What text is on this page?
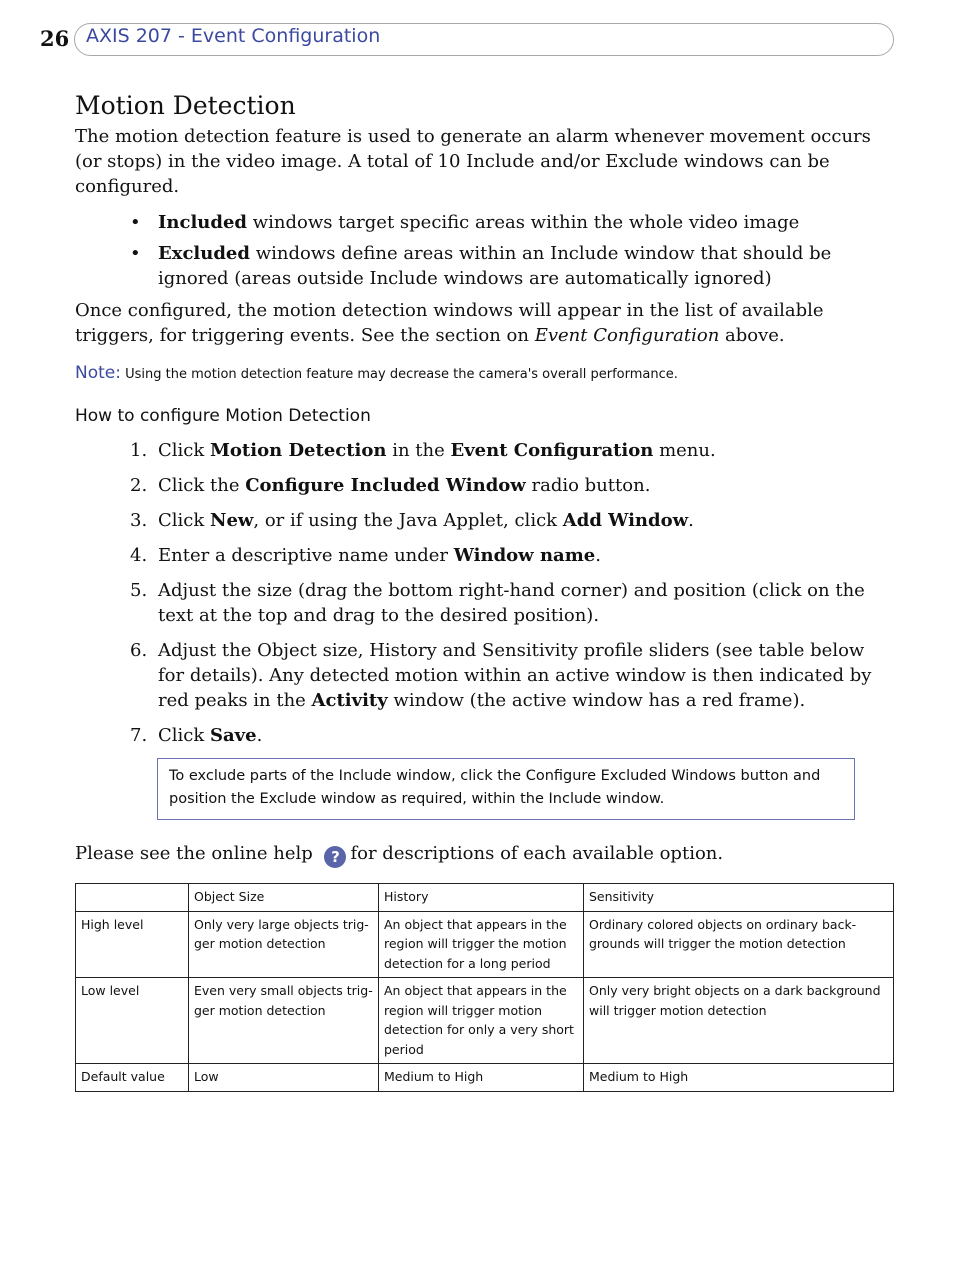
26 AXIS 207 - Event Configuration
Motion Detection

The motion detection feature is used to generate an alarm whenever movement occurs (or stops) in the video image. A total of 10 Include and/or Exclude windows can be configured.

• Included windows target specific areas within the whole video image
• Excluded windows define areas within an Include window that should be ignored (areas outside Include windows are automatically ignored)

Once configured, the motion detection windows will appear in the list of available triggers, for triggering events. See the section on Event Configuration above.

Note: Using the motion detection feature may decrease the camera's overall performance.
How to configure Motion Detection
1. Click Motion Detection in the Event Configuration menu.
2. Click the Configure Included Window radio button.
3. Click New, or if using the Java Applet, click Add Window.
4. Enter a descriptive name under Window name.
5. Adjust the size (drag the bottom right-hand corner) and position (click on the text at the top and drag to the desired position).
6. Adjust the Object size, History and Sensitivity profile sliders (see table below for details). Any detected motion within an active window is then indicated by red peaks in the Activity window (the active window has a red frame).
7. Click Save.
To exclude parts of the Include window, click the Configure Excluded Windows button and position the Exclude window as required, within the Include window.

Please see the online help ? for descriptions of each available option.

	Object Size	History	Sensitivity
High level	Only very large objects trig-ger motion detection	An object that appears in the region will trigger the motion detection for a long period	Ordinary colored objects on ordinary back-grounds will trigger the motion detection
Low level	Even very small objects trig-ger motion detection	An object that appears in the region will trigger motion detection for only a very short period	Only very bright objects on a dark background will trigger motion detection
Default value	Low	Medium to High	Medium to High
